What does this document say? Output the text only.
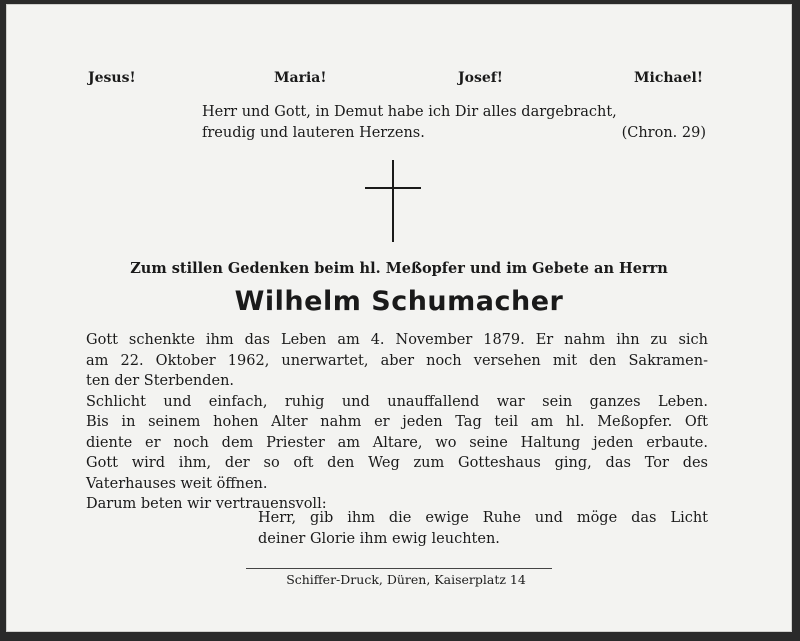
Jesus!	Maria!	Josef!	Michael!
Herr und Gott, in Demut habe ich Dir alles dargebracht,
freudig und lauteren Herzens.	(Chron. 29)
Zum stillen Gedenken beim hl. Meßopfer und im Gebete an Herrn
Wilhelm Schumacher
Gott schenkte ihm das Leben am 4. November 1879. Er nahm ihn zu sich
am 22. Oktober 1962, unerwartet, aber noch versehen mit den Sakramen-
ten der Sterbenden.
Schlicht und einfach, ruhig und unauffallend war sein ganzes Leben.
Bis in seinem hohen Alter nahm er jeden Tag teil am hl. Meßopfer. Oft
diente er noch dem Priester am Altare, wo seine Haltung jeden erbaute.
Gott wird ihm, der so oft den Weg zum Gotteshaus ging, das Tor des
Vaterhauses weit öffnen.
Darum beten wir vertrauensvoll:
Herr, gib ihm die ewige Ruhe und möge das Licht
deiner Glorie ihm ewig leuchten.
Schiffer-Druck, Düren, Kaiserplatz 14
